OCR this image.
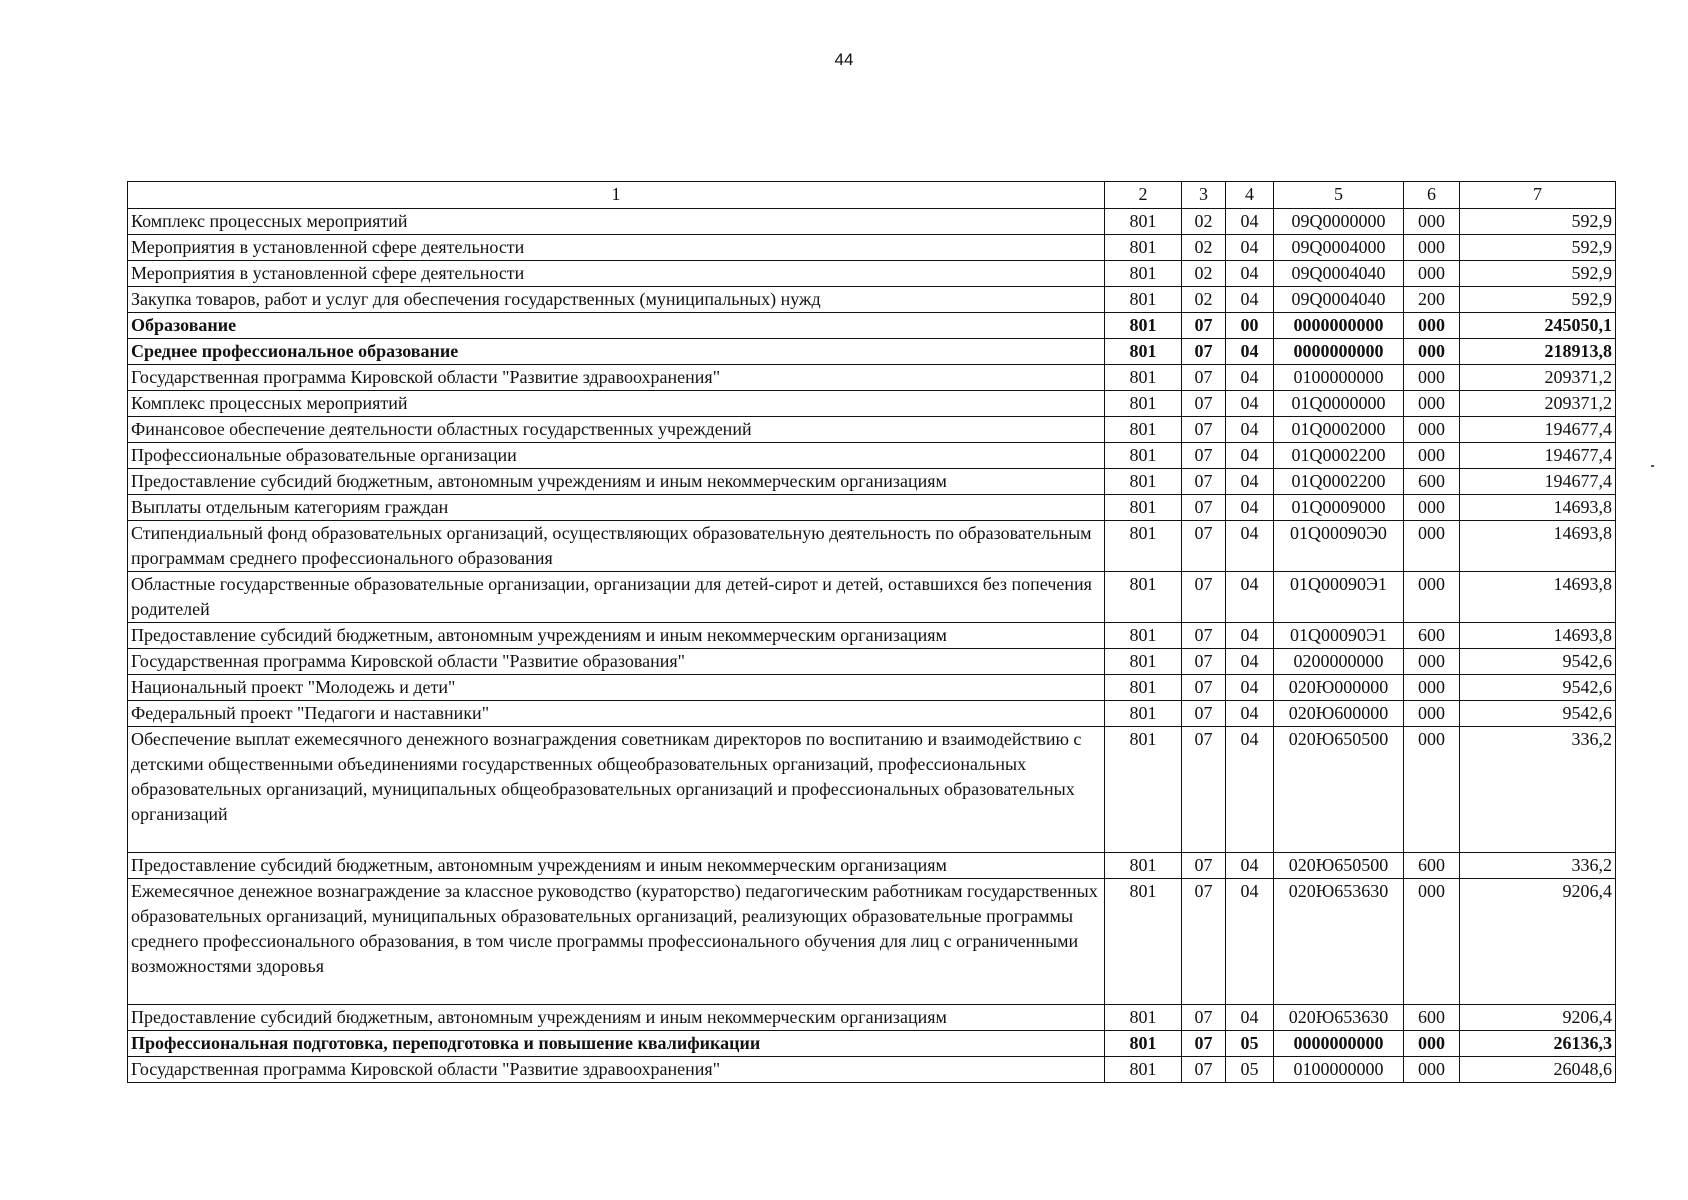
44
1	2	3	4	5	6	7
Комплекс процессных мероприятий	801	02	04	09Q0000000	000	592,9
Мероприятия в установленной сфере деятельности	801	02	04	09Q0004000	000	592,9
Мероприятия в установленной сфере деятельности	801	02	04	09Q0004040	000	592,9
Закупка товаров, работ и услуг для обеспечения государственных (муниципальных) нужд	801	02	04	09Q0004040	200	592,9
Образование	801	07	00	0000000000	000	245050,1
Среднее профессиональное образование	801	07	04	0000000000	000	218913,8
Государственная программа Кировской области "Развитие здравоохранения"	801	07	04	0100000000	000	209371,2
Комплекс процессных мероприятий	801	07	04	01Q0000000	000	209371,2
Финансовое обеспечение деятельности областных государственных учреждений	801	07	04	01Q0002000	000	194677,4
Профессиональные образовательные организации	801	07	04	01Q0002200	000	194677,4
Предоставление субсидий бюджетным, автономным учреждениям и иным некоммерческим организациям	801	07	04	01Q0002200	600	194677,4
Выплаты отдельным категориям граждан	801	07	04	01Q0009000	000	14693,8
Стипендиальный фонд образовательных организаций, осуществляющих образовательную деятельность по образовательным программам среднего профессионального образования	801	07	04	01Q00090Э0	000	14693,8
Областные государственные образовательные организации, организации для детей-сирот и детей, оставшихся без попечения родителей	801	07	04	01Q00090Э1	000	14693,8
Предоставление субсидий бюджетным, автономным учреждениям и иным некоммерческим организациям	801	07	04	01Q00090Э1	600	14693,8
Государственная программа Кировской области "Развитие образования"	801	07	04	0200000000	000	9542,6
Национальный проект "Молодежь и дети"	801	07	04	020Ю000000	000	9542,6
Федеральный проект "Педагоги и наставники"	801	07	04	020Ю600000	000	9542,6
Обеспечение выплат ежемесячного денежного вознаграждения советникам директоров по воспитанию и взаимодействию с детскими общественными объединениями государственных общеобразовательных организаций, профессиональных образовательных организаций, муниципальных общеобразовательных организаций и профессиональных образовательных организаций	801	07	04	020Ю650500	000	336,2
Предоставление субсидий бюджетным, автономным учреждениям и иным некоммерческим организациям	801	07	04	020Ю650500	600	336,2
Ежемесячное денежное вознаграждение за классное руководство (кураторство) педагогическим работникам государственных образовательных организаций, муниципальных образовательных организаций, реализующих образовательные программы среднего профессионального образования, в том числе программы профессионального обучения для лиц с ограниченными возможностями здоровья	801	07	04	020Ю653630	000	9206,4
Предоставление субсидий бюджетным, автономным учреждениям и иным некоммерческим организациям	801	07	04	020Ю653630	600	9206,4
Профессиональная подготовка, переподготовка и повышение квалификации	801	07	05	0000000000	000	26136,3
Государственная программа Кировской области "Развитие здравоохранения"	801	07	05	0100000000	000	26048,6
